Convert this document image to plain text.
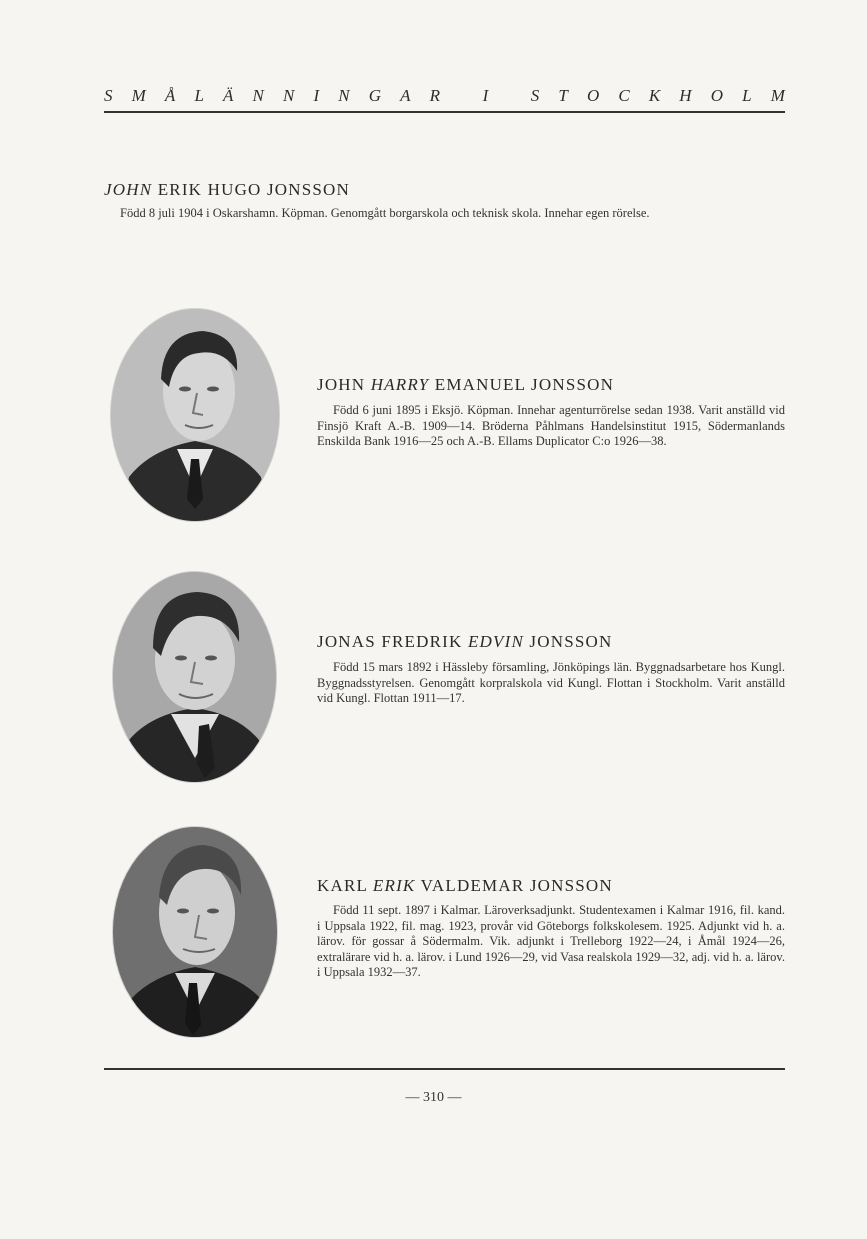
S M Å L Ä N N I N G A R
	I
	S T O C K H O L M
JOHN ERIK HUGO JONSSON

Född 8 juli 1904 i Oskarshamn. Köpman. Genomgått borgarskola och teknisk skola. Innehar egen rörelse.

JOHN HARRY EMANUEL JONSSON

Född 6 juni 1895 i Eksjö. Köpman. Innehar agenturrörelse sedan 1938. Varit anställd vid Finsjö Kraft A.-B. 1909—14. Bröderna Påhlmans Handelsinstitut 1915, Södermanlands Enskilda Bank 1916—25 och A.-B. Ellams Duplicator C:o 1926—38.

JONAS FREDRIK EDVIN JONSSON

Född 15 mars 1892 i Hässleby församling, Jönköpings län. Byggnadsarbetare hos Kungl. Byggnadsstyrelsen. Genomgått korpralskola vid Kungl. Flottan i Stockholm. Varit anställd vid Kungl. Flottan 1911—17.

KARL ERIK VALDEMAR JONSSON

Född 11 sept. 1897 i Kalmar. Läroverksadjunkt. Studentexamen i Kalmar 1916, fil. kand. i Uppsala 1922, fil. mag. 1923, provår vid Göteborgs folkskolesem. 1925. Adjunkt vid h. a. lärov. för gossar å Södermalm. Vik. adjunkt i Trelleborg 1922—24, i Åmål 1924—26, extralärare vid h. a. lärov. i Lund 1926—29, vid Vasa realskola 1929—32, adj. vid h. a. lärov. i Uppsala 1932—37.

— 310 —
